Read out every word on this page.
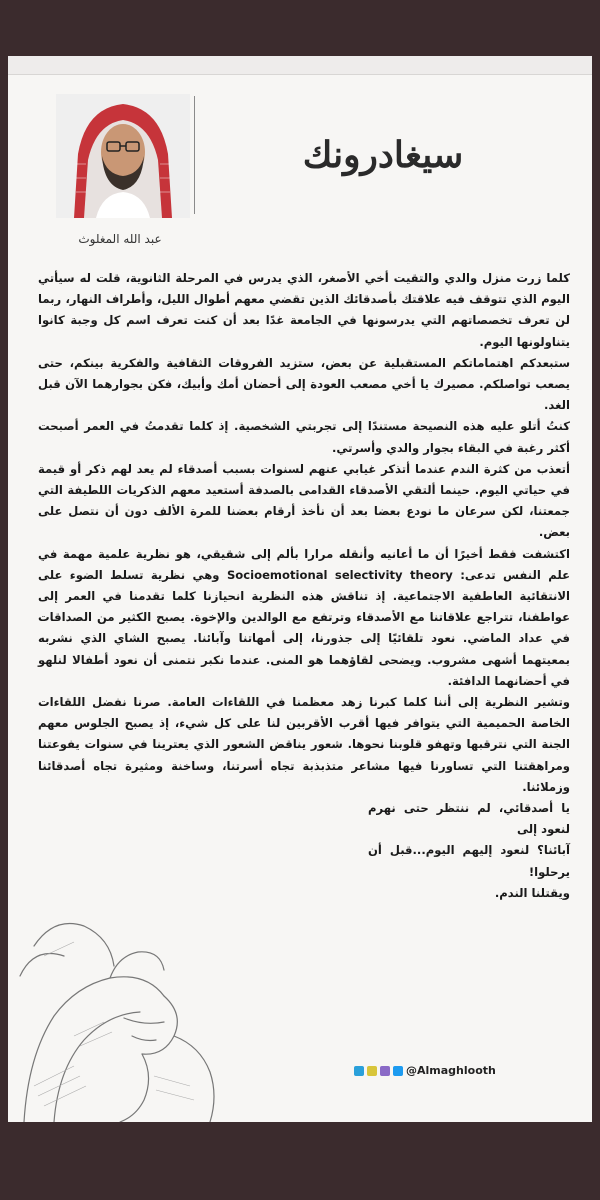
عبد الله المغلوث
سيغادرونك

كلما زرت منزل والدي والتقيت أخي الأصغر، الذي يدرس في المرحلة الثانوية، قلت له سيأتي اليوم الذي تتوقف فيه علاقتك بأصدقائك الذين تقضي معهم أطوال الليل، وأطراف النهار، ربما لن تعرف تخصصاتهم التي يدرسونها في الجامعة غدًا بعد أن كنت تعرف اسم كل وجبة كانوا يتناولونها اليوم.

ستبعدكم اهتماماتكم المستقبلية عن بعض، ستزيد الفروقات الثقافية والفكرية بينكم، حتى يصعب تواصلكم. مصيرك يا أخي مصعب العودة إلى أحضان أمك وأبيك، فكن بجوارهما الآن قبل الغد.

كنتُ أتلو عليه هذه النصيحة مستندًا إلى تجربتي الشخصية. إذ كلما تقدمتُ في العمر أصبحت أكثر رغبة في البقاء بجوار والدي وأسرتي.

أتعذب من كثرة الندم عندما أتذكر غيابي عنهم لسنوات بسبب أصدقاء لم يعد لهم ذكر أو قيمة في حياتي اليوم. حينما ألتقي الأصدقاء القدامى بالصدفة أستعيد معهم الذكريات اللطيفة التي جمعتنا، لكن سرعان ما نودع بعضا بعد أن نأخذ أرقام بعضنا للمرة الألف دون أن نتصل على بعض.

اكتشفت فقط أخيرًا أن ما أعانيه وأنقله مرارا بألم إلى شقيقي، هو نظرية علمية مهمة في علم النفس تدعى: Socioemotional selectivity theory وهي نظرية تسلط الضوء على الانتقائية العاطفية الاجتماعية. إذ تناقش هذه النظرية انحيازنا كلما تقدمنا في العمر إلى عواطفنا، تتراجع علاقاتنا مع الأصدقاء وترتفع مع الوالدين والإخوة. يصبح الكثير من الصداقات في عداد الماضي. نعود تلقائيًا إلى جذورنا، إلى أمهاتنا وآبائنا. يصبح الشاي الذي نشربه بمعيتهما أشهى مشروب. ويضحى لقاؤهما هو المنى. عندما نكبر نتمنى أن نعود أطفالا لنلهو في أحضانهما الدافئة.

وتشير النظرية إلى أننا كلما كبرنا زهد معظمنا في اللقاءات العامة. صرنا نفضل اللقاءات الخاصة الحميمية التي يتوافر فيها أقرب الأقربين لنا على كل شيء، إذ يصبح الجلوس معهم الجنة التي نترقبها وتهفو قلوبنا نحوها. شعور يناقض الشعور الذي يعترينا في سنوات يفوعتنا ومراهقتنا التي تساورنا فيها مشاعر متذبذبة تجاه أسرتنا، وساخنة ومثيرة تجاه أصدقائنا وزملائنا.

يا أصدقائي، لم ننتظر حتى نهرم لنعود إلى

آبائنا؟ لنعود إليهم اليوم...قبل أن يرحلوا!

ويقتلنا الندم.

@Almaghlooth
